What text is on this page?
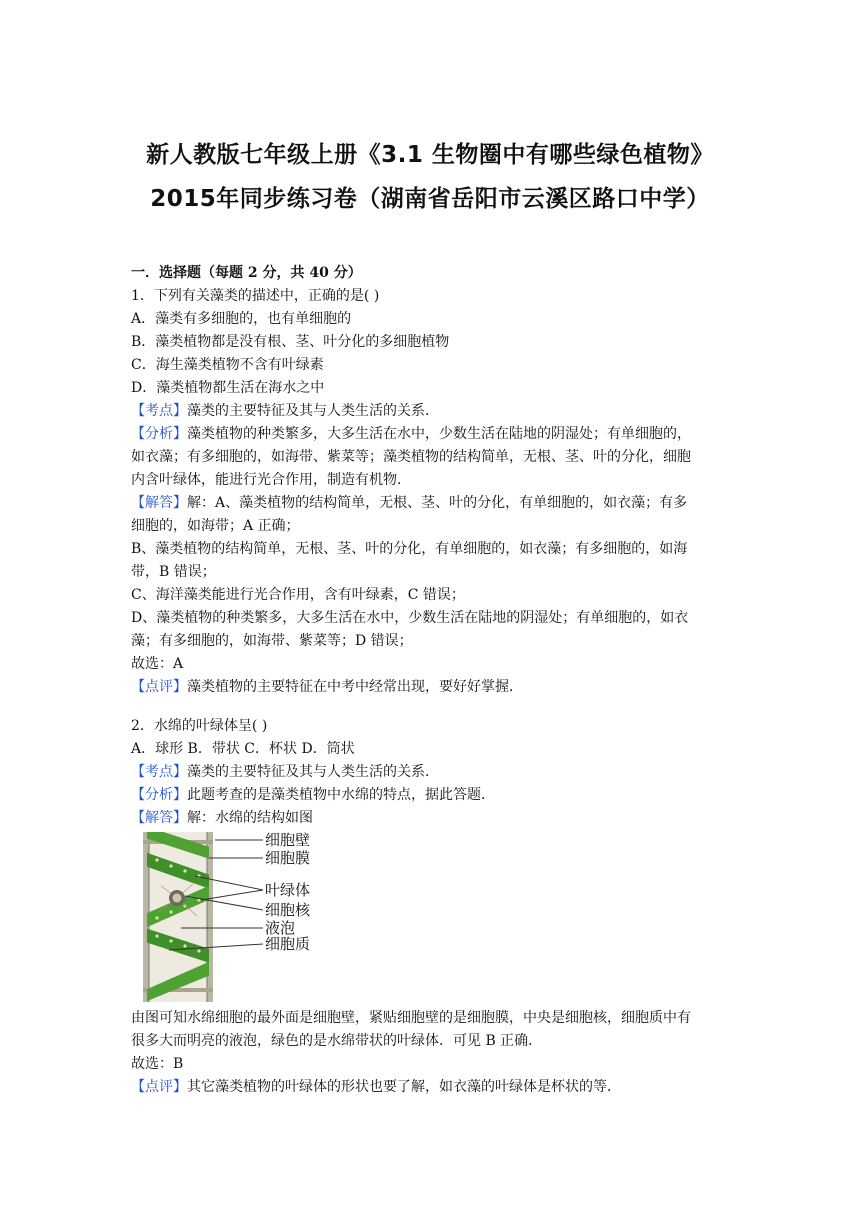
新人教版七年级上册《3.1 生物圈中有哪些绿色植物》
2015年同步练习卷（湖南省岳阳市云溪区路口中学）
一．选择题（每题 2 分，共 40 分）
1．下列有关藻类的描述中，正确的是( )
A．藻类有多细胞的，也有单细胞的
B．藻类植物都是没有根、茎、叶分化的多细胞植物
C．海生藻类植物不含有叶绿素
D．藻类植物都生活在海水之中
【考点】藻类的主要特征及其与人类生活的关系．
【分析】藻类植物的种类繁多，大多生活在水中，少数生活在陆地的阴湿处；有单细胞的，
如衣藻；有多细胞的，如海带、紫菜等；藻类植物的结构简单，无根、茎、叶的分化，细胞
内含叶绿体，能进行光合作用，制造有机物．
【解答】解：A、藻类植物的结构简单，无根、茎、叶的分化，有单细胞的，如衣藻；有多
细胞的，如海带；A 正确；
B、藻类植物的结构简单，无根、茎、叶的分化，有单细胞的，如衣藻；有多细胞的，如海
带，B 错误；
C、海洋藻类能进行光合作用，含有叶绿素，C 错误；
D、藻类植物的种类繁多，大多生活在水中，少数生活在陆地的阴湿处；有单细胞的，如衣
藻；有多细胞的，如海带、紫菜等；D 错误；
故选：A
【点评】藻类植物的主要特征在中考中经常出现，要好好掌握．
2．水绵的叶绿体呈( )
A．球形 B．带状 C．杯状 D．筒状
【考点】藻类的主要特征及其与人类生活的关系．
【分析】此题考查的是藻类植物中水绵的特点，据此答题．
【解答】解：水绵的结构如图
细胞壁
细胞膜
叶绿体
细胞核
液泡
细胞质
由图可知水绵细胞的最外面是细胞壁，紧贴细胞壁的是细胞膜，中央是细胞核，细胞质中有
很多大而明亮的液泡，绿色的是水绵带状的叶绿体．可见 B 正确．
故选：B
【点评】其它藻类植物的叶绿体的形状也要了解，如衣藻的叶绿体是杯状的等．
